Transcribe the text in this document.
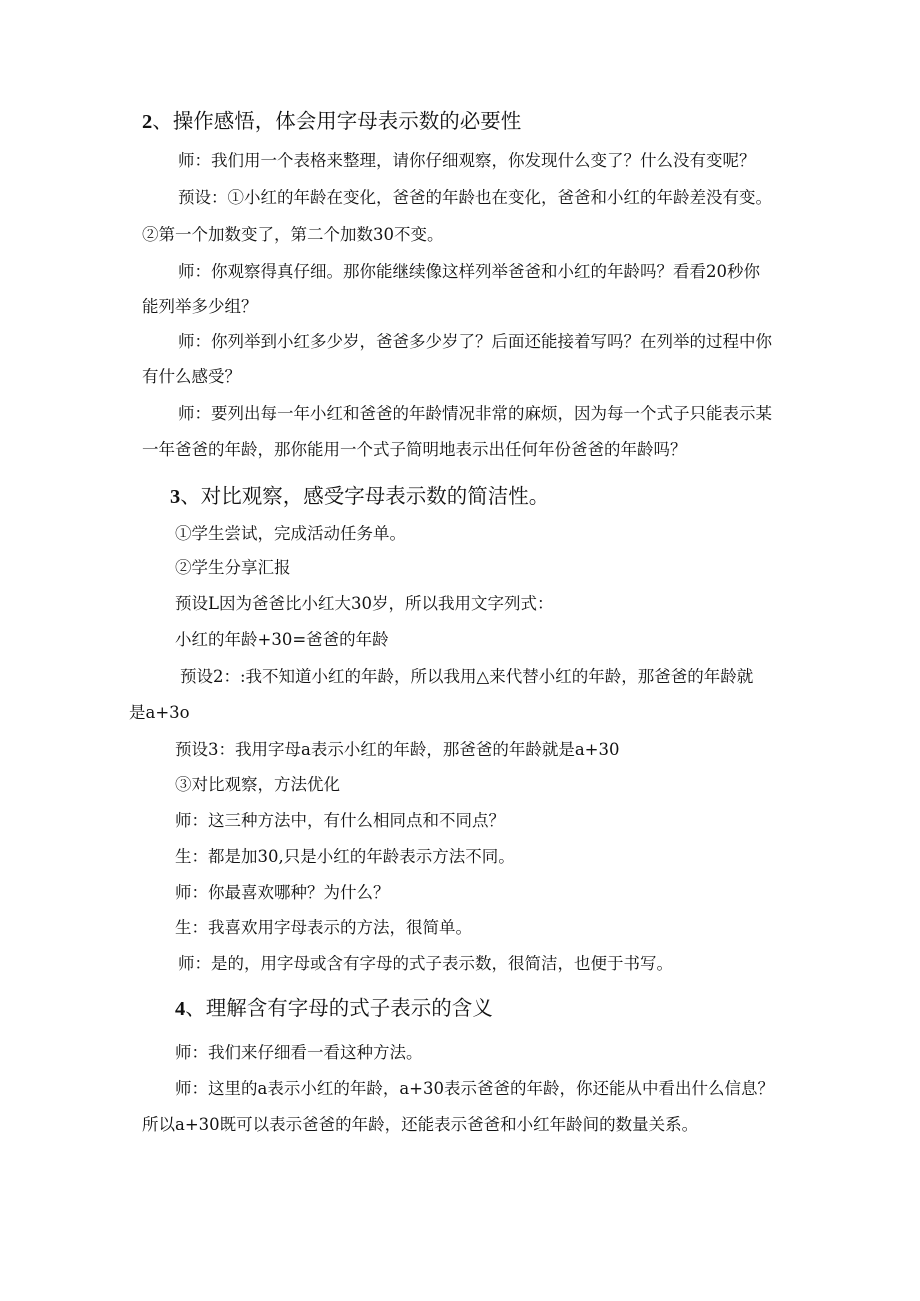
2、操作感悟，体会用字母表示数的必要性
师：我们用一个表格来整理，请你仔细观察，你发现什么变了？什么没有变呢？
预设：①小红的年龄在变化，爸爸的年龄也在变化，爸爸和小红的年龄差没有变。
②第一个加数变了，第二个加数30不变。
师：你观察得真仔细。那你能继续像这样列举爸爸和小红的年龄吗？看看20秒你
能列举多少组？
师：你列举到小红多少岁，爸爸多少岁了？后面还能接着写吗？在列举的过程中你
有什么感受？
师：要列出每一年小红和爸爸的年龄情况非常的麻烦，因为每一个式子只能表示某
一年爸爸的年龄，那你能用一个式子简明地表示出任何年份爸爸的年龄吗？
3、对比观察，感受字母表示数的简洁性。
①学生尝试，完成活动任务单。
②学生分享汇报
预设L因为爸爸比小红大30岁，所以我用文字列式：
小红的年龄+30=爸爸的年龄
预设2：:我不知道小红的年龄，所以我用△来代替小红的年龄，那爸爸的年龄就
是a+3o
预设3：我用字母a表示小红的年龄，那爸爸的年龄就是a+30
③对比观察，方法优化
师：这三种方法中，有什么相同点和不同点？
生：都是加30,只是小红的年龄表示方法不同。
师：你最喜欢哪种？为什么？
生：我喜欢用字母表示的方法，很简单。
师：是的，用字母或含有字母的式子表示数，很简洁，也便于书写。
4、理解含有字母的式子表示的含义
师：我们来仔细看一看这种方法。
师：这里的a表示小红的年龄，a+30表示爸爸的年龄，你还能从中看出什么信息？
所以a+30既可以表示爸爸的年龄，还能表示爸爸和小红年龄间的数量关系。
